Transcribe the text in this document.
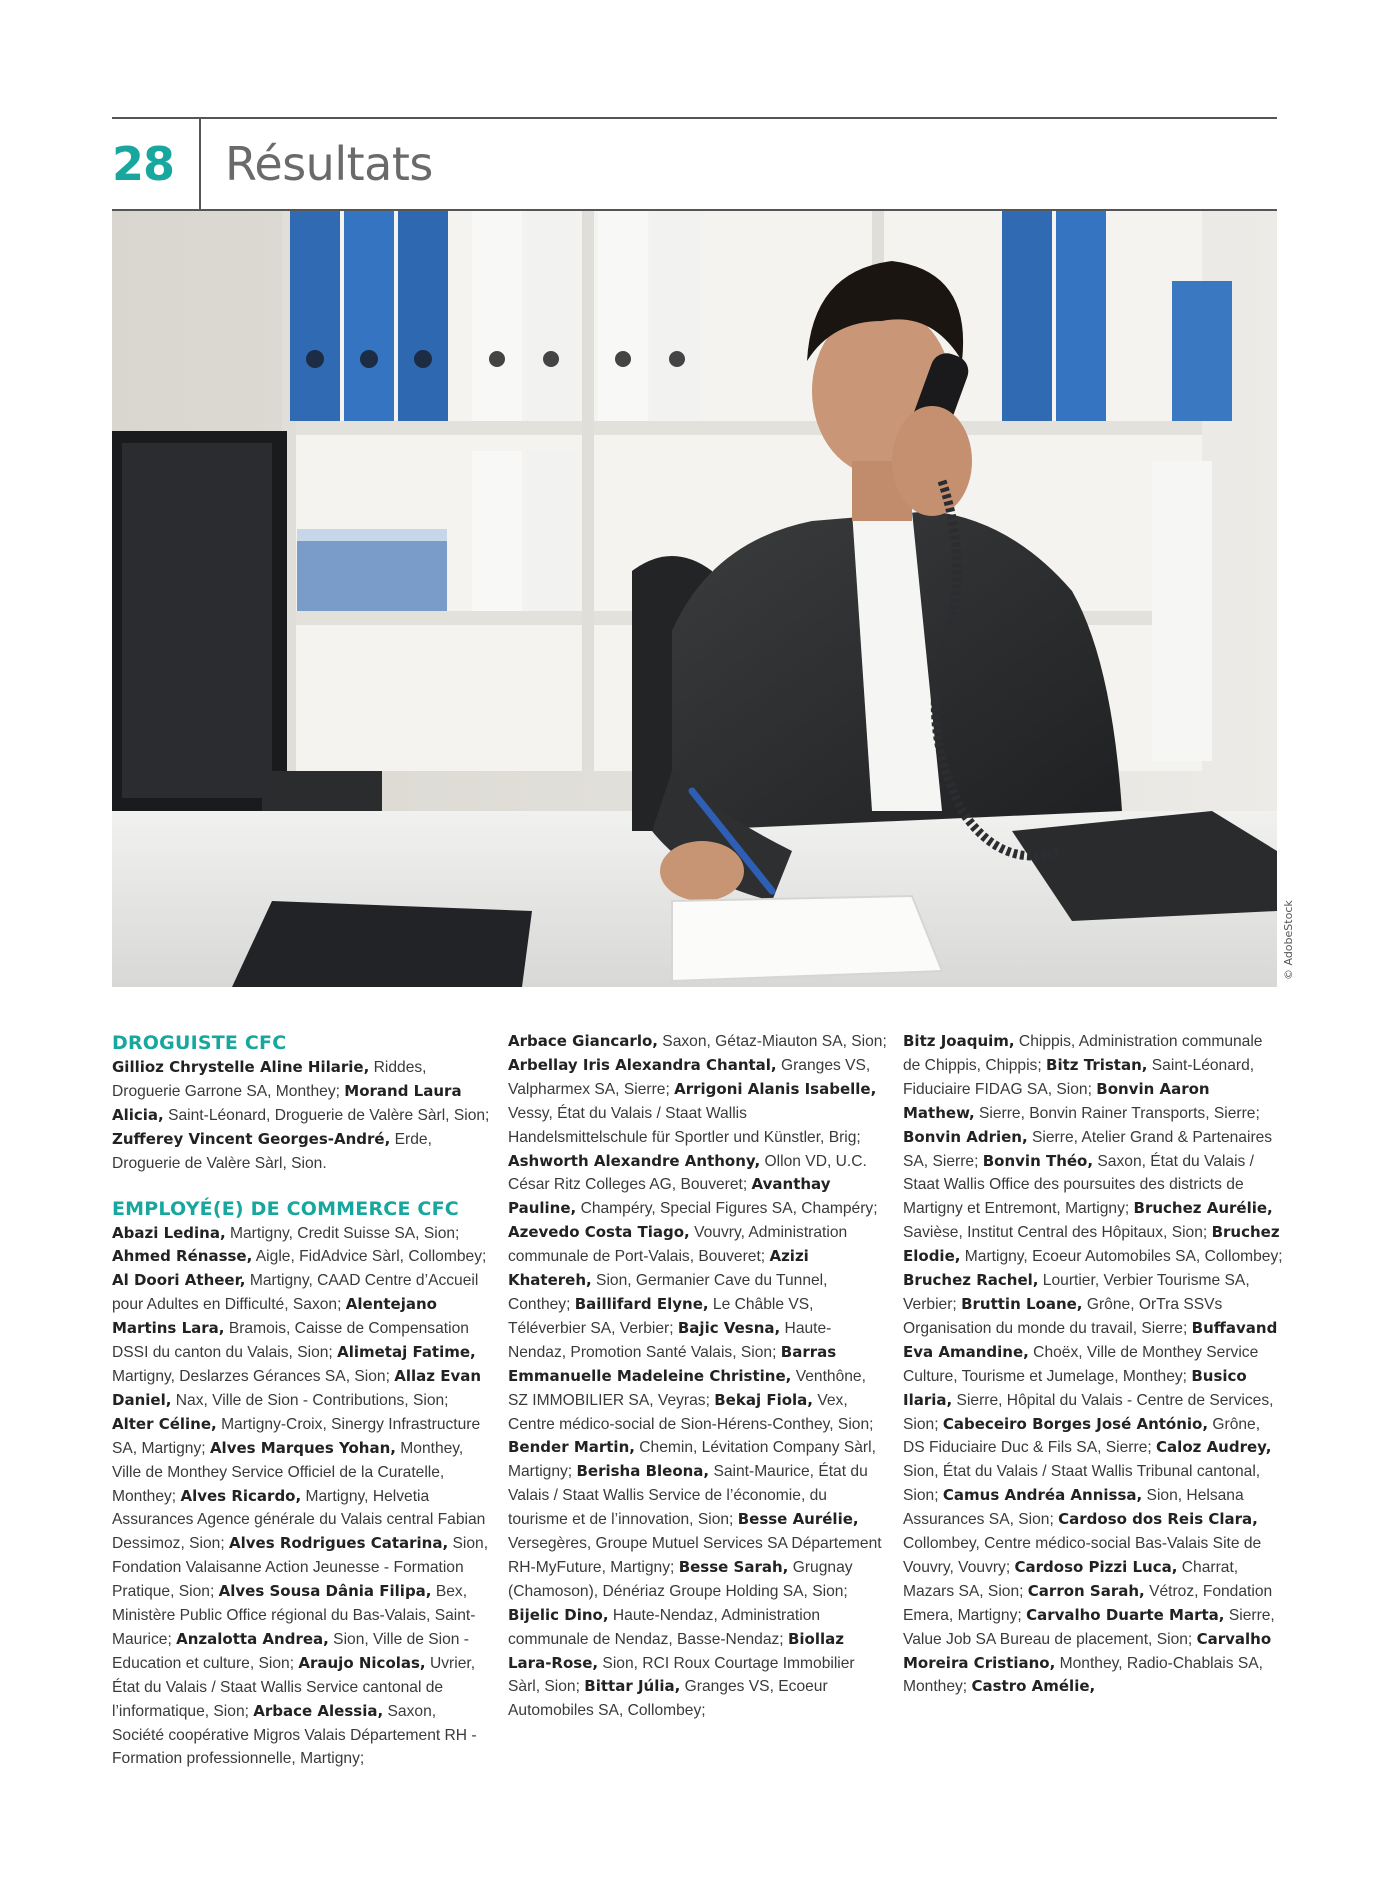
28 Résultats
© AdobeStock

DROGUISTE CFC

Gillioz Chrystelle Aline Hilarie, Riddes, Droguerie Garrone SA, Monthey; Morand Laura Alicia, Saint-Léonard, Droguerie de Valère Sàrl, Sion; Zufferey Vincent Georges-André, Erde, Droguerie de Valère Sàrl, Sion.

EMPLOYÉ(E) DE COMMERCE CFC

Abazi Ledina, Martigny, Credit Suisse SA, Sion; Ahmed Rénasse, Aigle, FidAdvice Sàrl, Collombey; Al Doori Atheer, Martigny, CAAD Centre d’Accueil pour Adultes en Difficulté, Saxon; Alentejano Martins Lara, Bramois, Caisse de Compensation DSSI du canton du Valais, Sion; Alimetaj Fatime, Martigny, Deslarzes Gérances SA, Sion; Allaz Evan Daniel, Nax, Ville de Sion - Contributions, Sion; Alter Céline, Martigny-Croix, Sinergy Infrastructure SA, Martigny; Alves Marques Yohan, Monthey, Ville de Monthey Service Officiel de la Curatelle, Monthey; Alves Ricardo, Martigny, Helvetia Assurances Agence générale du Valais central Fabian Dessimoz, Sion; Alves Rodrigues Catarina, Sion, Fondation Valaisanne Action Jeunesse - Formation Pratique, Sion; Alves Sousa Dânia Filipa, Bex, Ministère Public Office régional du Bas-Valais, Saint-Maurice; Anzalotta Andrea, Sion, Ville de Sion - Education et culture, Sion; Araujo Nicolas, Uvrier, État du Valais / Staat Wallis Service cantonal de l’informatique, Sion; Arbace Alessia, Saxon, Société coopérative Migros Valais Département RH - Formation professionnelle, Martigny;

Arbace Giancarlo, Saxon, Gétaz-Miauton SA, Sion; Arbellay Iris Alexandra Chantal, Granges VS, Valpharmex SA, Sierre; Arrigoni Alanis Isabelle, Vessy, État du Valais / Staat Wallis Handelsmittelschule für Sportler und Künstler, Brig; Ashworth Alexandre Anthony, Ollon VD, U.C. César Ritz Colleges AG, Bouveret; Avanthay Pauline, Champéry, Special Figures SA, Champéry; Azevedo Costa Tiago, Vouvry, Administration communale de Port-Valais, Bouveret; Azizi Khatereh, Sion, Germanier Cave du Tunnel, Conthey; Baillifard Elyne, Le Châble VS, Téléverbier SA, Verbier; Bajic Vesna, Haute-Nendaz, Promotion Santé Valais, Sion; Barras Emmanuelle Madeleine Christine, Venthône, SZ IMMOBILIER SA, Veyras; Bekaj Fiola, Vex, Centre médico-social de Sion-Hérens-Conthey, Sion; Bender Martin, Chemin, Lévitation Company Sàrl, Martigny; Berisha Bleona, Saint-Maurice, État du Valais / Staat Wallis Service de l’économie, du tourisme et de l’innovation, Sion; Besse Aurélie, Versegères, Groupe Mutuel Services SA Département RH-MyFuture, Martigny; Besse Sarah, Grugnay (Chamoson), Dénériaz Groupe Holding SA, Sion; Bijelic Dino, Haute-Nendaz, Administration communale de Nendaz, Basse-Nendaz; Biollaz Lara-Rose, Sion, RCI Roux Courtage Immobilier Sàrl, Sion; Bittar Júlia, Granges VS, Ecoeur Automobiles SA, Collombey;

Bitz Joaquim, Chippis, Administration communale de Chippis, Chippis; Bitz Tristan, Saint-Léonard, Fiduciaire FIDAG SA, Sion; Bonvin Aaron Mathew, Sierre, Bonvin Rainer Transports, Sierre; Bonvin Adrien, Sierre, Atelier Grand & Partenaires SA, Sierre; Bonvin Théo, Saxon, État du Valais / Staat Wallis Office des poursuites des districts de Martigny et Entremont, Martigny; Bruchez Aurélie, Savièse, Institut Central des Hôpitaux, Sion; Bruchez Elodie, Martigny, Ecoeur Automobiles SA, Collombey; Bruchez Rachel, Lourtier, Verbier Tourisme SA, Verbier; Bruttin Loane, Grône, OrTra SSVs Organisation du monde du travail, Sierre; Buffavand Eva Amandine, Choëx, Ville de Monthey Service Culture, Tourisme et Jumelage, Monthey; Busico Ilaria, Sierre, Hôpital du Valais - Centre de Services, Sion; Cabeceiro Borges José António, Grône, DS Fiduciaire Duc & Fils SA, Sierre; Caloz Audrey, Sion, État du Valais / Staat Wallis Tribunal cantonal, Sion; Camus Andréa Annissa, Sion, Helsana Assurances SA, Sion; Cardoso dos Reis Clara, Collombey, Centre médico-social Bas-Valais Site de Vouvry, Vouvry; Cardoso Pizzi Luca, Charrat, Mazars SA, Sion; Carron Sarah, Vétroz, Fondation Emera, Martigny; Carvalho Duarte Marta, Sierre, Value Job SA Bureau de placement, Sion; Carvalho Moreira Cristiano, Monthey, Radio-Chablais SA, Monthey; Castro Amélie,
